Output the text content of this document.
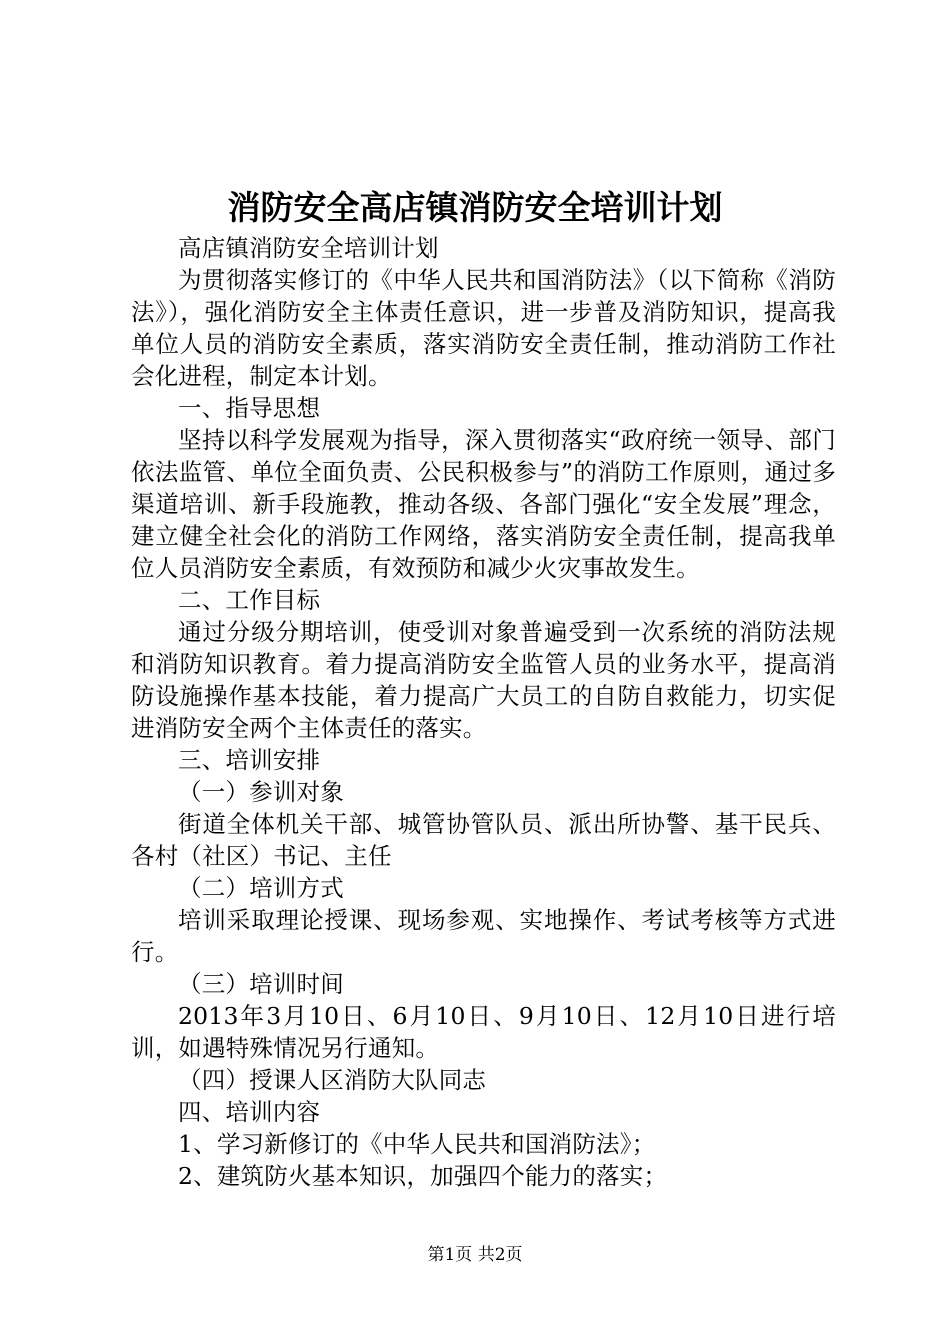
消防安全高店镇消防安全培训计划

高店镇消防安全培训计划

为贯彻落实修订的《中华人民共和国消防法》（以下简称《消防法》），强化消防安全主体责任意识，进一步普及消防知识，提高我单位人员的消防安全素质，落实消防安全责任制，推动消防工作社会化进程，制定本计划。

一、指导思想

坚持以科学发展观为指导，深入贯彻落实“政府统一领导、部门依法监管、单位全面负责、公民积极参与”的消防工作原则，通过多渠道培训、新手段施教，推动各级、各部门强化“安全发展”理念，建立健全社会化的消防工作网络，落实消防安全责任制，提高我单位人员消防安全素质，有效预防和减少火灾事故发生。

二、工作目标

通过分级分期培训，使受训对象普遍受到一次系统的消防法规和消防知识教育。着力提高消防安全监管人员的业务水平，提高消防设施操作基本技能，着力提高广大员工的自防自救能力，切实促进消防安全两个主体责任的落实。

三、培训安排

（一）参训对象

街道全体机关干部、城管协管队员、派出所协警、基干民兵、各村（社区）书记、主任

（二）培训方式

培训采取理论授课、现场参观、实地操作、考试考核等方式进行。

（三）培训时间

2013年3月10日、6月10日、9月10日、12月10日进行培训，如遇特殊情况另行通知。

（四）授课人区消防大队同志

四、培训内容

1、学习新修订的《中华人民共和国消防法》；

2、建筑防火基本知识，加强四个能力的落实；

第1页 共2页
